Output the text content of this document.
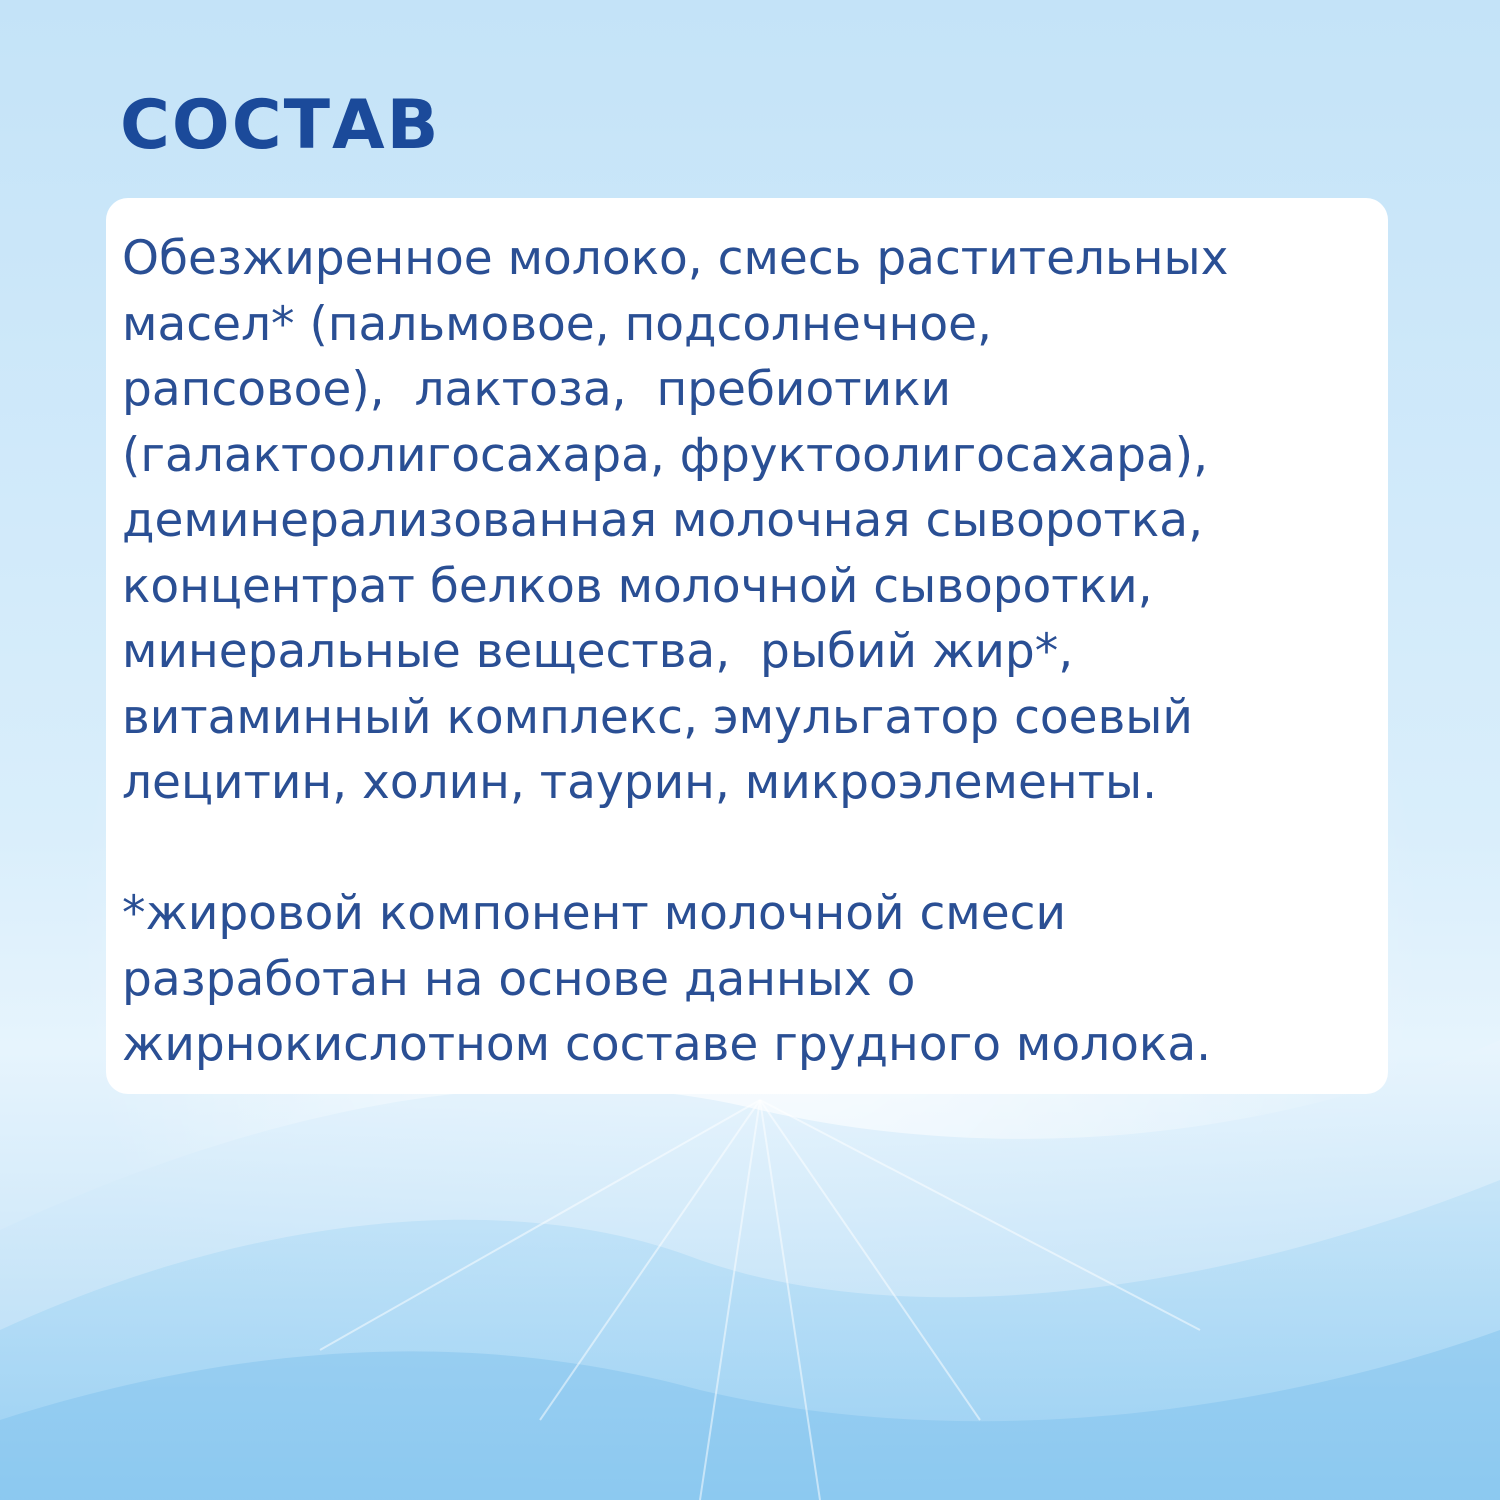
СОСТАВ
Обезжиренное молоко, смесь растительных
масел* (пальмовое, подсолнечное,
рапсовое),  лактоза,  пребиотики
(галактоолигосахара, фруктоолигосахара),
деминерализованная молочная сыворотка,
концентрат белков молочной сыворотки,
минеральные вещества,  рыбий жир*,
витаминный комплекс, эмульгатор соевый
лецитин, холин, таурин, микроэлементы.
*жировой компонент молочной смеси
разработан на основе данных о
жирнокислотном составе грудного молока.
